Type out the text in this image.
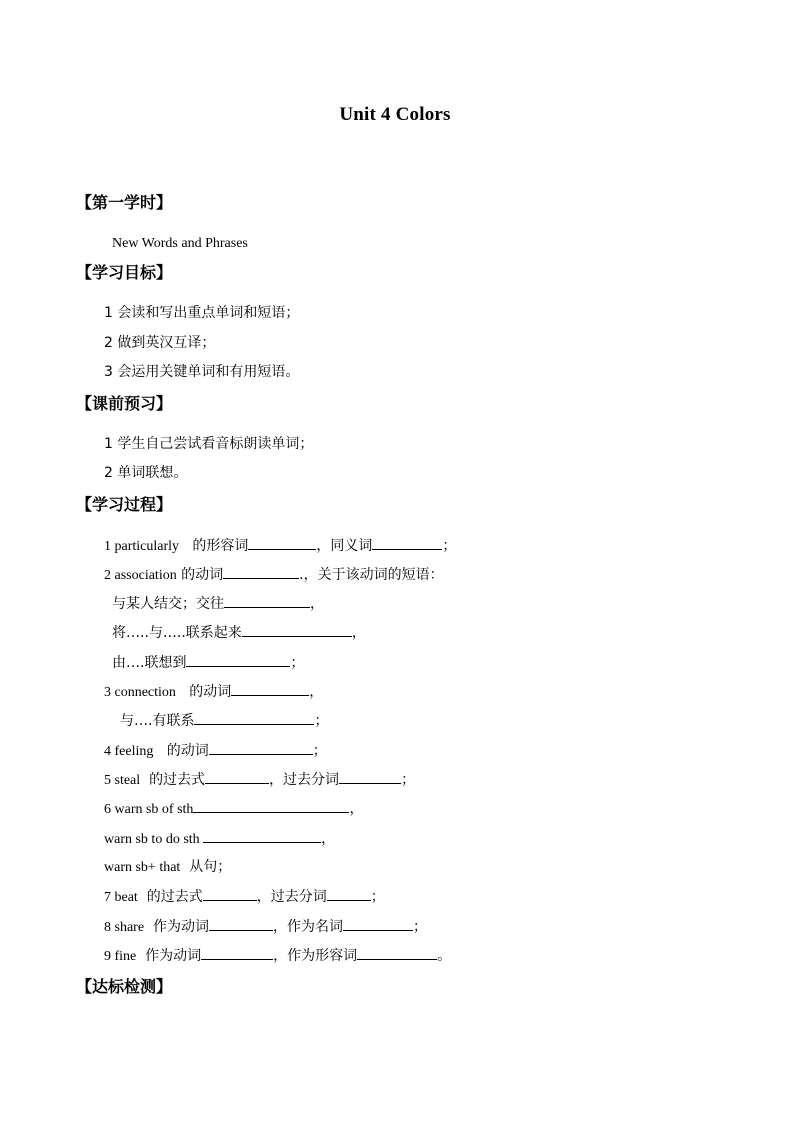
Unit 4 Colors
【第一学时】
New Words and Phrases
【学习目标】
1 会读和写出重点单词和短语；
2 做到英汉互译；
3 会运用关键单词和有用短语。
【课前预习】
1 学生自己尝试看音标朗读单词；
2 单词联想。
【学习过程】
1 particularly 的形容词	，同义词	；
2 association 的动词	.，关于该动词的短语：
与某人结交；交往	，
将…..与…..联系起来	，
由….联想到	；
3 connection 的动词	，
与….有联系	；
4 feeling 的动词	；
5 steal 的过去式	，过去分词	；
6 warn sb of sth	，
warn sb to do sth	，
warn sb+ that 从句；
7 beat 的过去式	，过去分词	；
8 share 作为动词	，作为名词	；
9 fine 作为动词	，作为形容词	。
【达标检测】
